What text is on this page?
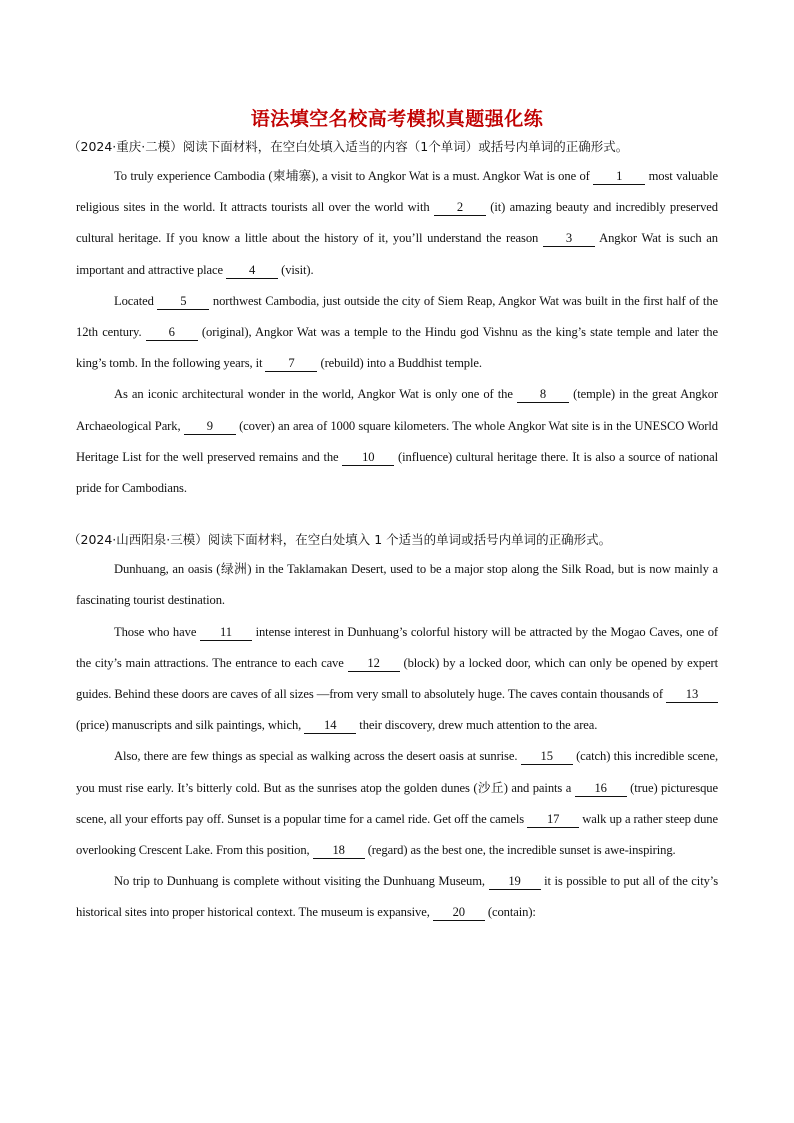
语法填空名校高考模拟真题强化练
（2024·重庆·二模）阅读下面材料，在空白处填入适当的内容（1个单词）或括号内单词的正确形式。

To truly experience Cambodia (柬埔寨), a visit to Angkor Wat is a must. Angkor Wat is one of 1 most valuable religious sites in the world. It attracts tourists all over the world with 2 (it) amazing beauty and incredibly preserved cultural heritage. If you know a little about the history of it, you’ll understand the reason 3 Angkor Wat is such an important and attractive place 4 (visit).

Located 5 northwest Cambodia, just outside the city of Siem Reap, Angkor Wat was built in the first half of the 12th century. 6 (original), Angkor Wat was a temple to the Hindu god Vishnu as the king’s state temple and later the king’s tomb. In the following years, it 7 (rebuild) into a Buddhist temple.

As an iconic architectural wonder in the world, Angkor Wat is only one of the 8 (temple) in the great Angkor Archaeological Park, 9 (cover) an area of 1000 square kilometers. The whole Angkor Wat site is in the UNESCO World Heritage List for the well preserved remains and the 10 (influence) cultural heritage there. It is also a source of national pride for Cambodians.

（2024·山西阳泉·三模）阅读下面材料，在空白处填入 1 个适当的单词或括号内单词的正确形式。

Dunhuang, an oasis (绿洲) in the Taklamakan Desert, used to be a major stop along the Silk Road, but is now mainly a fascinating tourist destination.

Those who have 11 intense interest in Dunhuang’s colorful history will be attracted by the Mogao Caves, one of the city’s main attractions. The entrance to each cave 12 (block) by a locked door, which can only be opened by expert guides. Behind these doors are caves of all sizes —from very small to absolutely huge. The caves contain thousands of 13 (price) manuscripts and silk paintings, which, 14 their discovery, drew much attention to the area.

Also, there are few things as special as walking across the desert oasis at sunrise. 15 (catch) this incredible scene, you must rise early. It’s bitterly cold. But as the sunrises atop the golden dunes (沙丘) and paints a 16 (true) picturesque scene, all your efforts pay off. Sunset is a popular time for a camel ride. Get off the camels 17 walk up a rather steep dune overlooking Crescent Lake. From this position, 18 (regard) as the best one, the incredible sunset is awe-inspiring.

No trip to Dunhuang is complete without visiting the Dunhuang Museum, 19 it is possible to put all of the city’s historical sites into proper historical context. The museum is expansive, 20 (contain):
